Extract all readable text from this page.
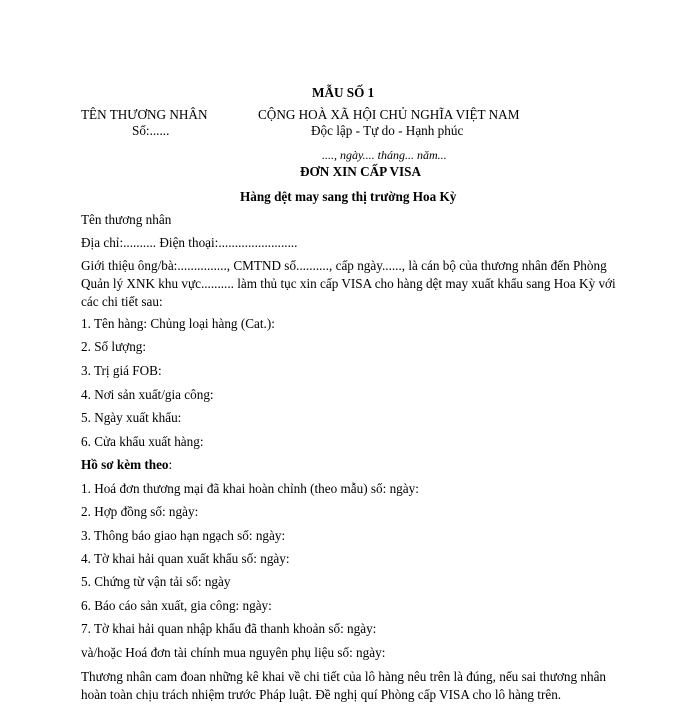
MẪU SỐ 1
TÊN THƯƠNG NHÂN
Số:......
CỘNG HOÀ XÃ HỘI CHỦ NGHĨA VIỆT NAM
Độc lập - Tự do - Hạnh phúc
...., ngày.... tháng... năm...
ĐƠN XIN CẤP VISA
Hàng dệt may sang thị trường Hoa Kỳ
Tên thương nhân
Địa chỉ:.......... Điện thoại:........................
Giới thiệu ông/bà:..............., CMTND số.........., cấp ngày......, là cán bộ của thương nhân đến Phòng Quản lý XNK khu vực.......... làm thủ tục xin cấp VISA cho hàng dệt may xuất khẩu sang Hoa Kỳ với các chi tiết sau:
1. Tên hàng: Chủng loại hàng (Cat.):
2. Số lượng:
3. Trị giá FOB:
4. Nơi sản xuất/gia công:
5. Ngày xuất khẩu:
6. Cửa khẩu xuất hàng:
Hồ sơ kèm theo:
1. Hoá đơn thương mại đã khai hoàn chỉnh (theo mẫu) số: ngày:
2. Hợp đồng số: ngày:
3. Thông báo giao hạn ngạch số: ngày:
4. Tờ khai hải quan xuất khẩu số: ngày:
5. Chứng từ vận tải số: ngày
6. Báo cáo sản xuất, gia công: ngày:
7. Tờ khai hải quan nhập khẩu đã thanh khoản số: ngày:
và/hoặc Hoá đơn tài chính mua nguyên phụ liệu số: ngày:
Thương nhân cam đoan những kê khai về chi tiết của lô hàng nêu trên là đúng, nếu sai thương nhân hoàn toàn chịu trách nhiệm trước Pháp luật. Đề nghị quí Phòng cấp VISA cho lô hàng trên.
